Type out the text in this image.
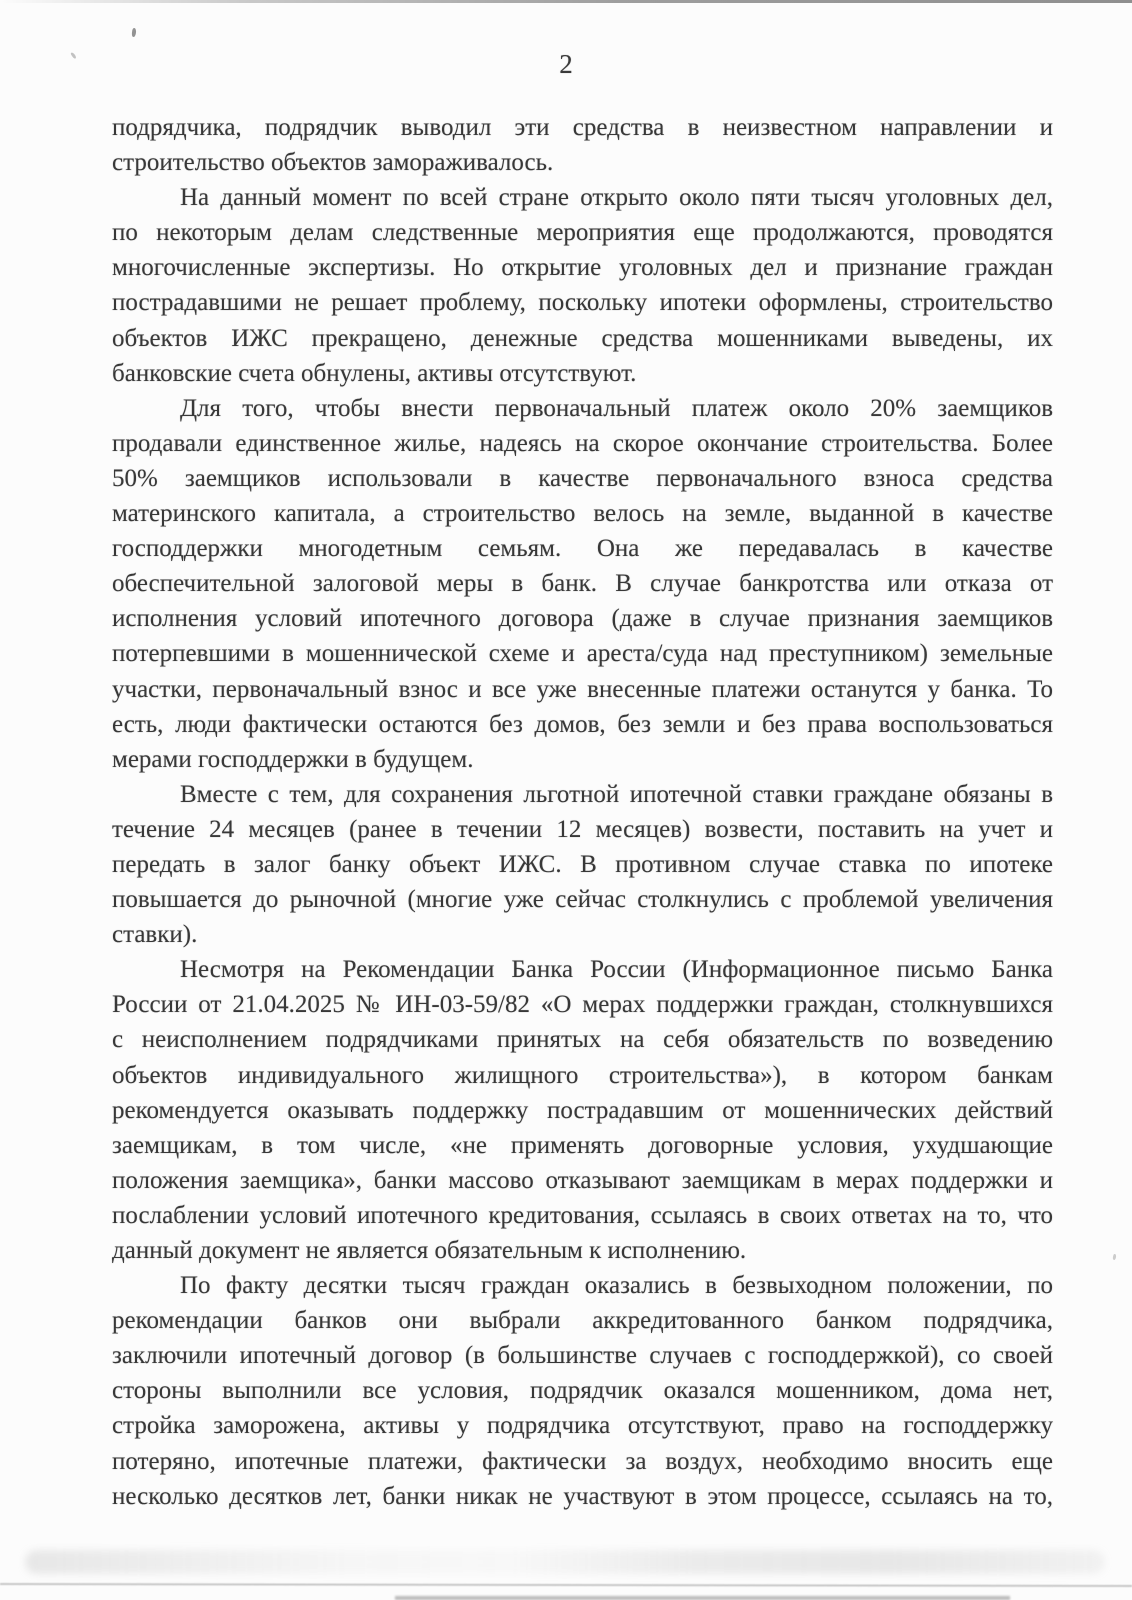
2
подрядчика, подрядчик выводил эти средства в неизвестном направлении и
строительство объектов замораживалось.
На данный момент по всей стране открыто около пяти тысяч уголовных дел,
по некоторым делам следственные мероприятия еще продолжаются, проводятся
многочисленные экспертизы. Но открытие уголовных дел и признание граждан
пострадавшими не решает проблему, поскольку ипотеки оформлены, строительство
объектов ИЖС прекращено, денежные средства мошенниками выведены, их
банковские счета обнулены, активы отсутствуют.
Для того, чтобы внести первоначальный платеж около 20% заемщиков
продавали единственное жилье, надеясь на скорое окончание строительства. Более
50% заемщиков использовали в качестве первоначального взноса средства
материнского капитала, а строительство велось на земле, выданной в качестве
господдержки многодетным семьям. Она же передавалась в качестве
обеспечительной залоговой меры в банк. В случае банкротства или отказа от
исполнения условий ипотечного договора (даже в случае признания заемщиков
потерпевшими в мошеннической схеме и ареста/суда над преступником) земельные
участки, первоначальный взнос и все уже внесенные платежи останутся у банка. То
есть, люди фактически остаются без домов, без земли и без права воспользоваться
мерами господдержки в будущем.
Вместе с тем, для сохранения льготной ипотечной ставки граждане обязаны в
течение 24 месяцев (ранее в течении 12 месяцев) возвести, поставить на учет и
передать в залог банку объект ИЖС. В противном случае ставка по ипотеке
повышается до рыночной (многие уже сейчас столкнулись с проблемой увеличения
ставки).
Несмотря на Рекомендации Банка России (Информационное письмо Банка
России от 21.04.2025 № ИН-03-59/82 «О мерах поддержки граждан, столкнувшихся
с неисполнением подрядчиками принятых на себя обязательств по возведению
объектов индивидуального жилищного строительства»), в котором банкам
рекомендуется оказывать поддержку пострадавшим от мошеннических действий
заемщикам, в том числе, «не применять договорные условия, ухудшающие
положения заемщика», банки массово отказывают заемщикам в мерах поддержки и
послаблении условий ипотечного кредитования, ссылаясь в своих ответах на то, что
данный документ не является обязательным к исполнению.
По факту десятки тысяч граждан оказались в безвыходном положении, по
рекомендации банков они выбрали аккредитованного банком подрядчика,
заключили ипотечный договор (в большинстве случаев с господдержкой), со своей
стороны выполнили все условия, подрядчик оказался мошенником, дома нет,
стройка заморожена, активы у подрядчика отсутствуют, право на господдержку
потеряно, ипотечные платежи, фактически за воздух, необходимо вносить еще
несколько десятков лет, банки никак не участвуют в этом процессе, ссылаясь на то,
